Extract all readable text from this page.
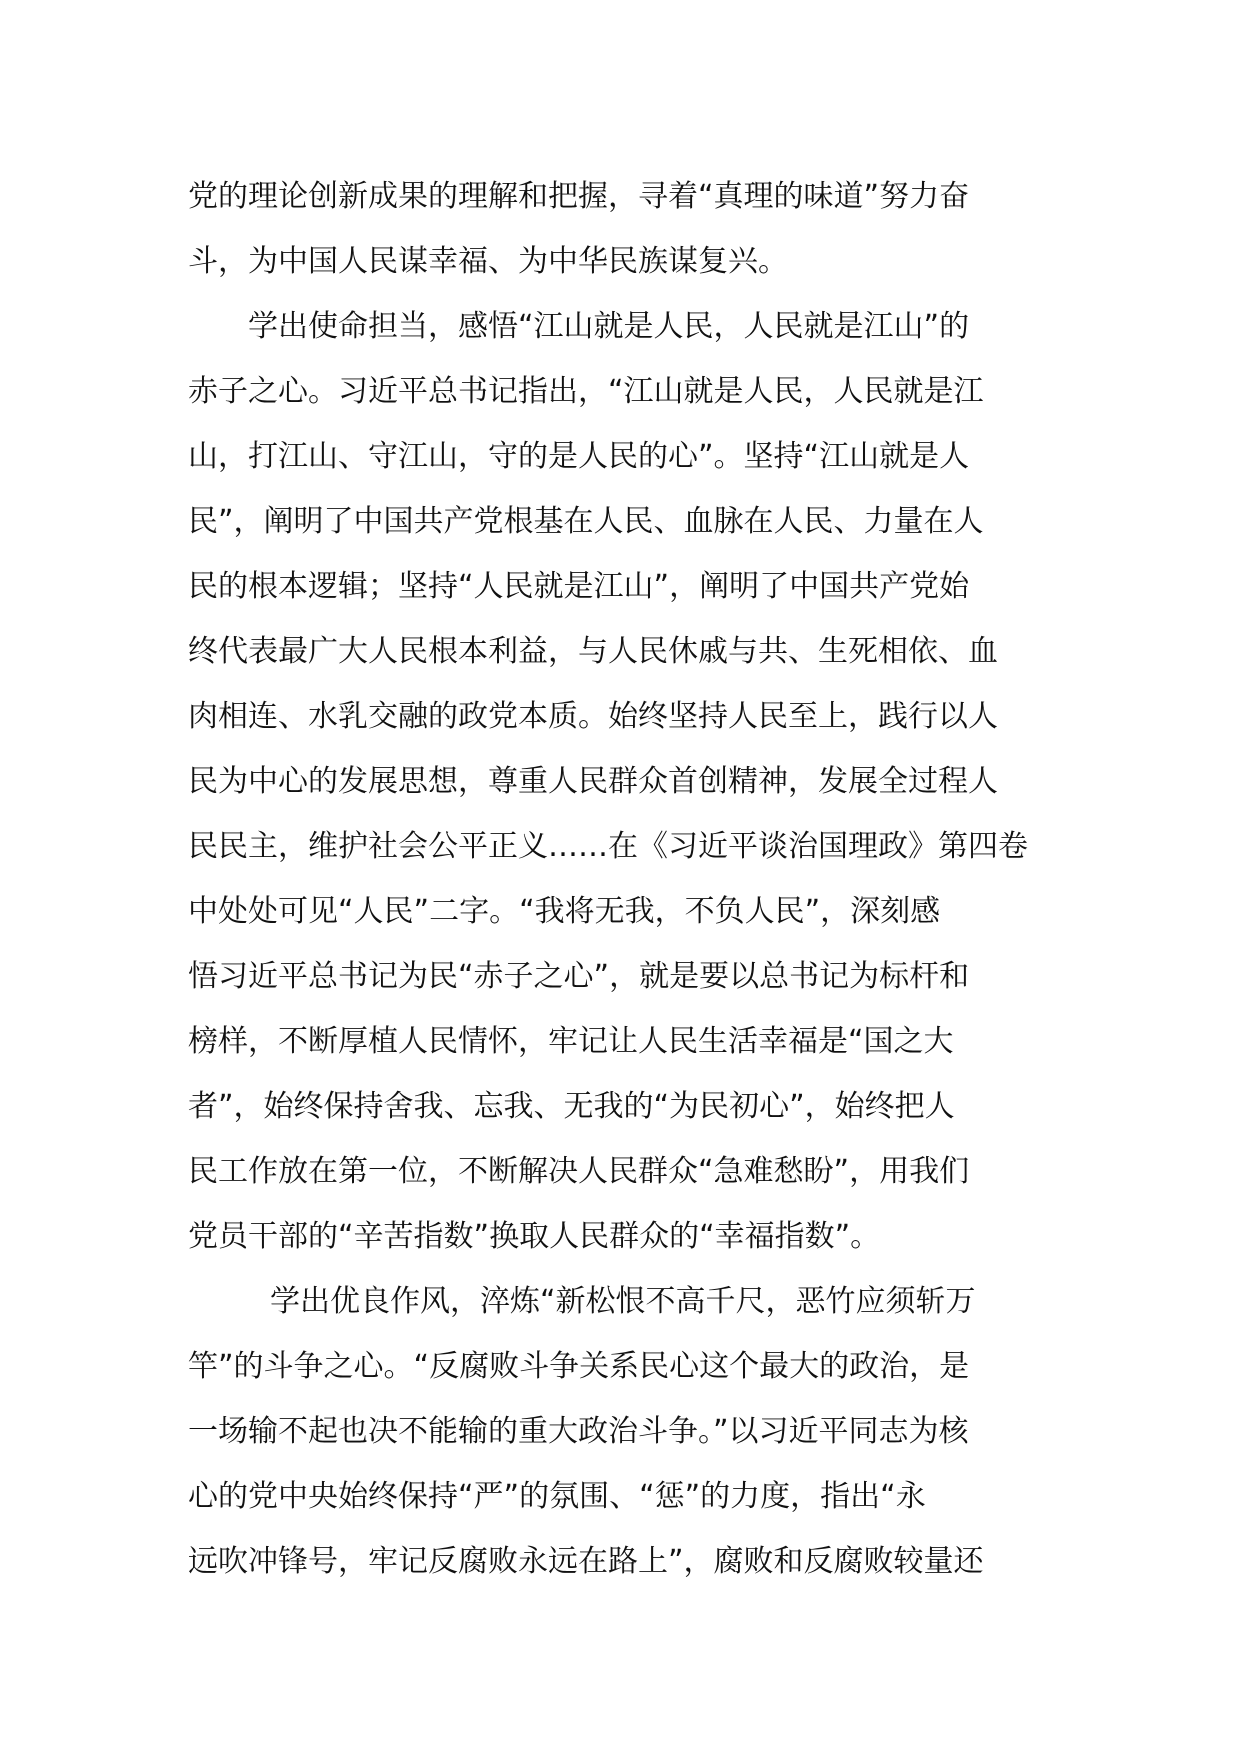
党的理论创新成果的理解和把握，寻着“真理的味道”努力奋
斗，为中国人民谋幸福、为中华民族谋复兴。
学出使命担当，感悟“江山就是人民，人民就是江山”的
赤子之心。习近平总书记指出，“江山就是人民，人民就是江
山，打江山、守江山，守的是人民的心”。坚持“江山就是人
民”，阐明了中国共产党根基在人民、血脉在人民、力量在人
民的根本逻辑；坚持“人民就是江山”，阐明了中国共产党始
终代表最广大人民根本利益，与人民休戚与共、生死相依、血
肉相连、水乳交融的政党本质。始终坚持人民至上，践行以人
民为中心的发展思想，尊重人民群众首创精神，发展全过程人
民民主，维护社会公平正义……在《习近平谈治国理政》第四卷
中处处可见“人民”二字。“我将无我，不负人民”，深刻感
悟习近平总书记为民“赤子之心”，就是要以总书记为标杆和
榜样，不断厚植人民情怀，牢记让人民生活幸福是“国之大
者”，始终保持舍我、忘我、无我的“为民初心”，始终把人
民工作放在第一位，不断解决人民群众“急难愁盼”，用我们
党员干部的“辛苦指数”换取人民群众的“幸福指数”。
学出优良作风，淬炼“新松恨不高千尺，恶竹应须斩万
竿”的斗争之心。“反腐败斗争关系民心这个最大的政治，是
一场输不起也决不能输的重大政治斗争。”以习近平同志为核
心的党中央始终保持“严”的氛围、“惩”的力度，指出“永
远吹冲锋号，牢记反腐败永远在路上”，腐败和反腐败较量还
